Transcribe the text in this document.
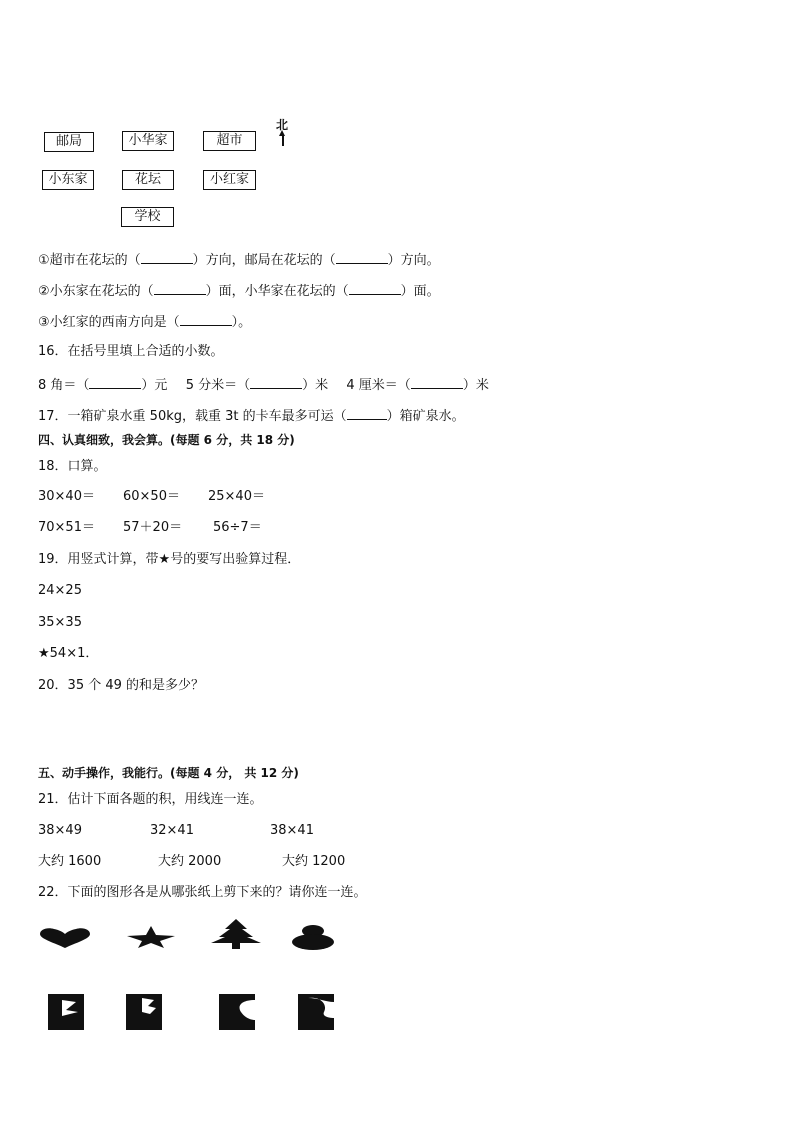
邮局	小华家	超市
北
小东家	花坛	小红家
学校
①超市在花坛的（	）方向，邮局在花坛的（	）方向。
②小东家在花坛的（	）面，小华家在花坛的（	）面。
③小红家的西南方向是（	）。
16．在括号里填上合适的小数。
8 角＝（	）元 5 分米＝（	）米 4 厘米＝（	）米
17．一箱矿泉水重 50kg，载重 3t 的卡车最多可运（	）箱矿泉水。
四、认真细致，我会算。(每题 6 分，共 18 分)
18．口算。
30×40＝ 60×50＝ 25×40＝
70×51＝ 57＋20＝ 56÷7＝
19．用竖式计算，带★号的要写出验算过程．
24×25
35×35
★54×1．
20．35 个 49 的和是多少？
五、动手操作，我能行。(每题 4 分， 共 12 分)
21．估计下面各题的积，用线连一连。
38×49	32×41	38×41
大约 1600	大约 2000	大约 1200
22．下面的图形各是从哪张纸上剪下来的？请你连一连。
